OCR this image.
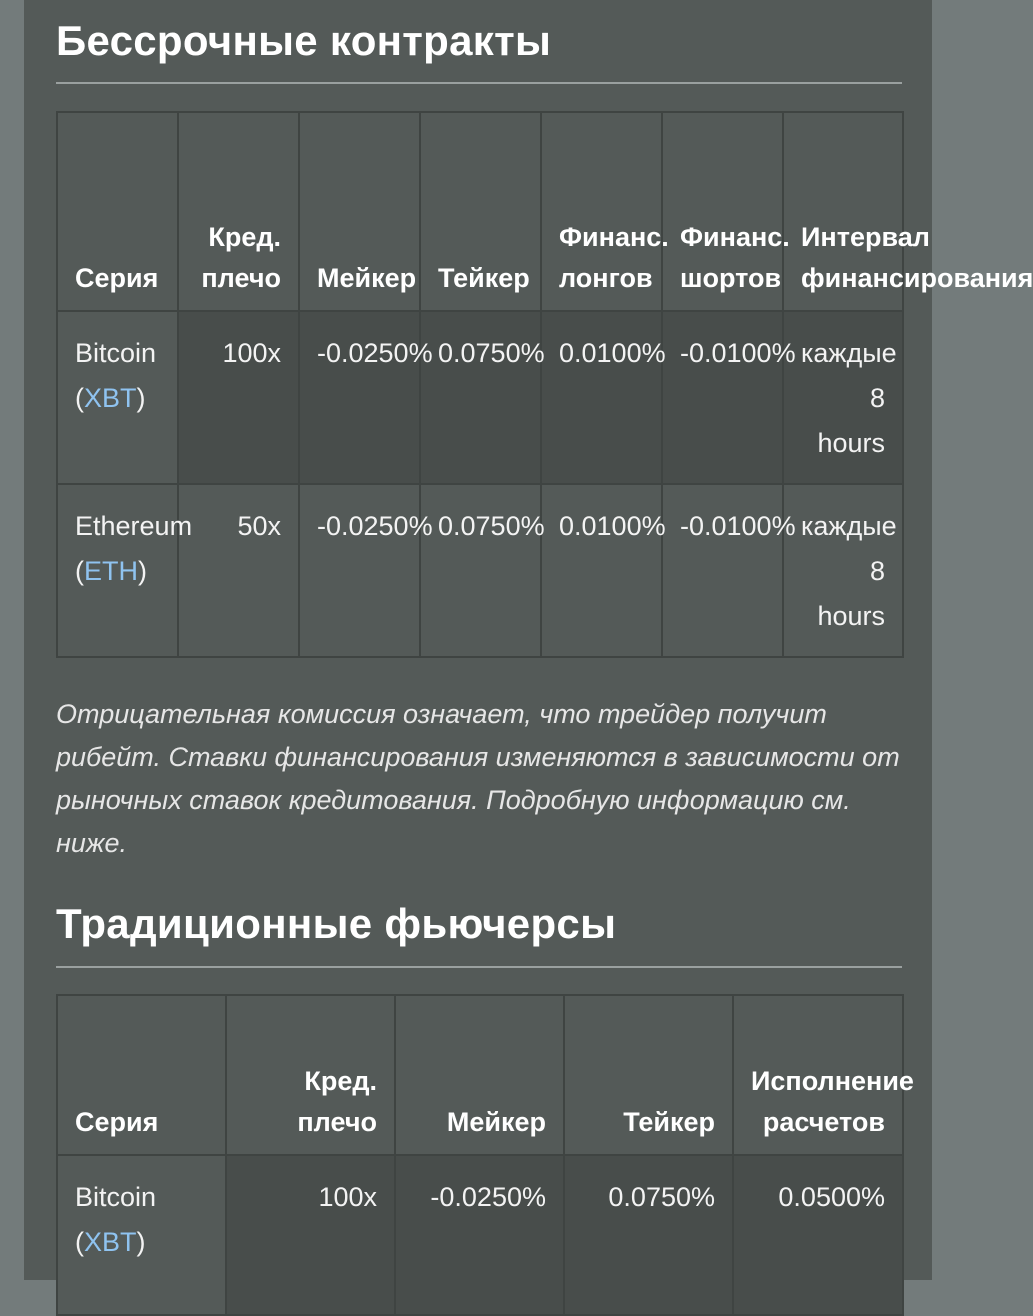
Бессрочные контракты
Серия	Кред. плечо	Мейкер	Тейкер	Финанс. лонгов	Финанс. шортов	Интервал финансирования
Bitcoin (XBT)	100x	-0.0250%	0.0750%	0.0100%	-0.0100%	каждые 8 hours
Ethereum (ETH)	50x	-0.0250%	0.0750%	0.0100%	-0.0100%	каждые 8 hours

Отрицательная комиссия означает, что трейдер получит рибейт. Ставки финансирования изменяются в зависимости от рыночных ставок кредитования. Подробную информацию см. ниже.

Традиционные фьючерсы
Серия	Кред. плечо	Мейкер	Тейкер	Исполнение расчетов
Bitcoin (XBT)	100x	-0.0250%	0.0750%	0.0500%
